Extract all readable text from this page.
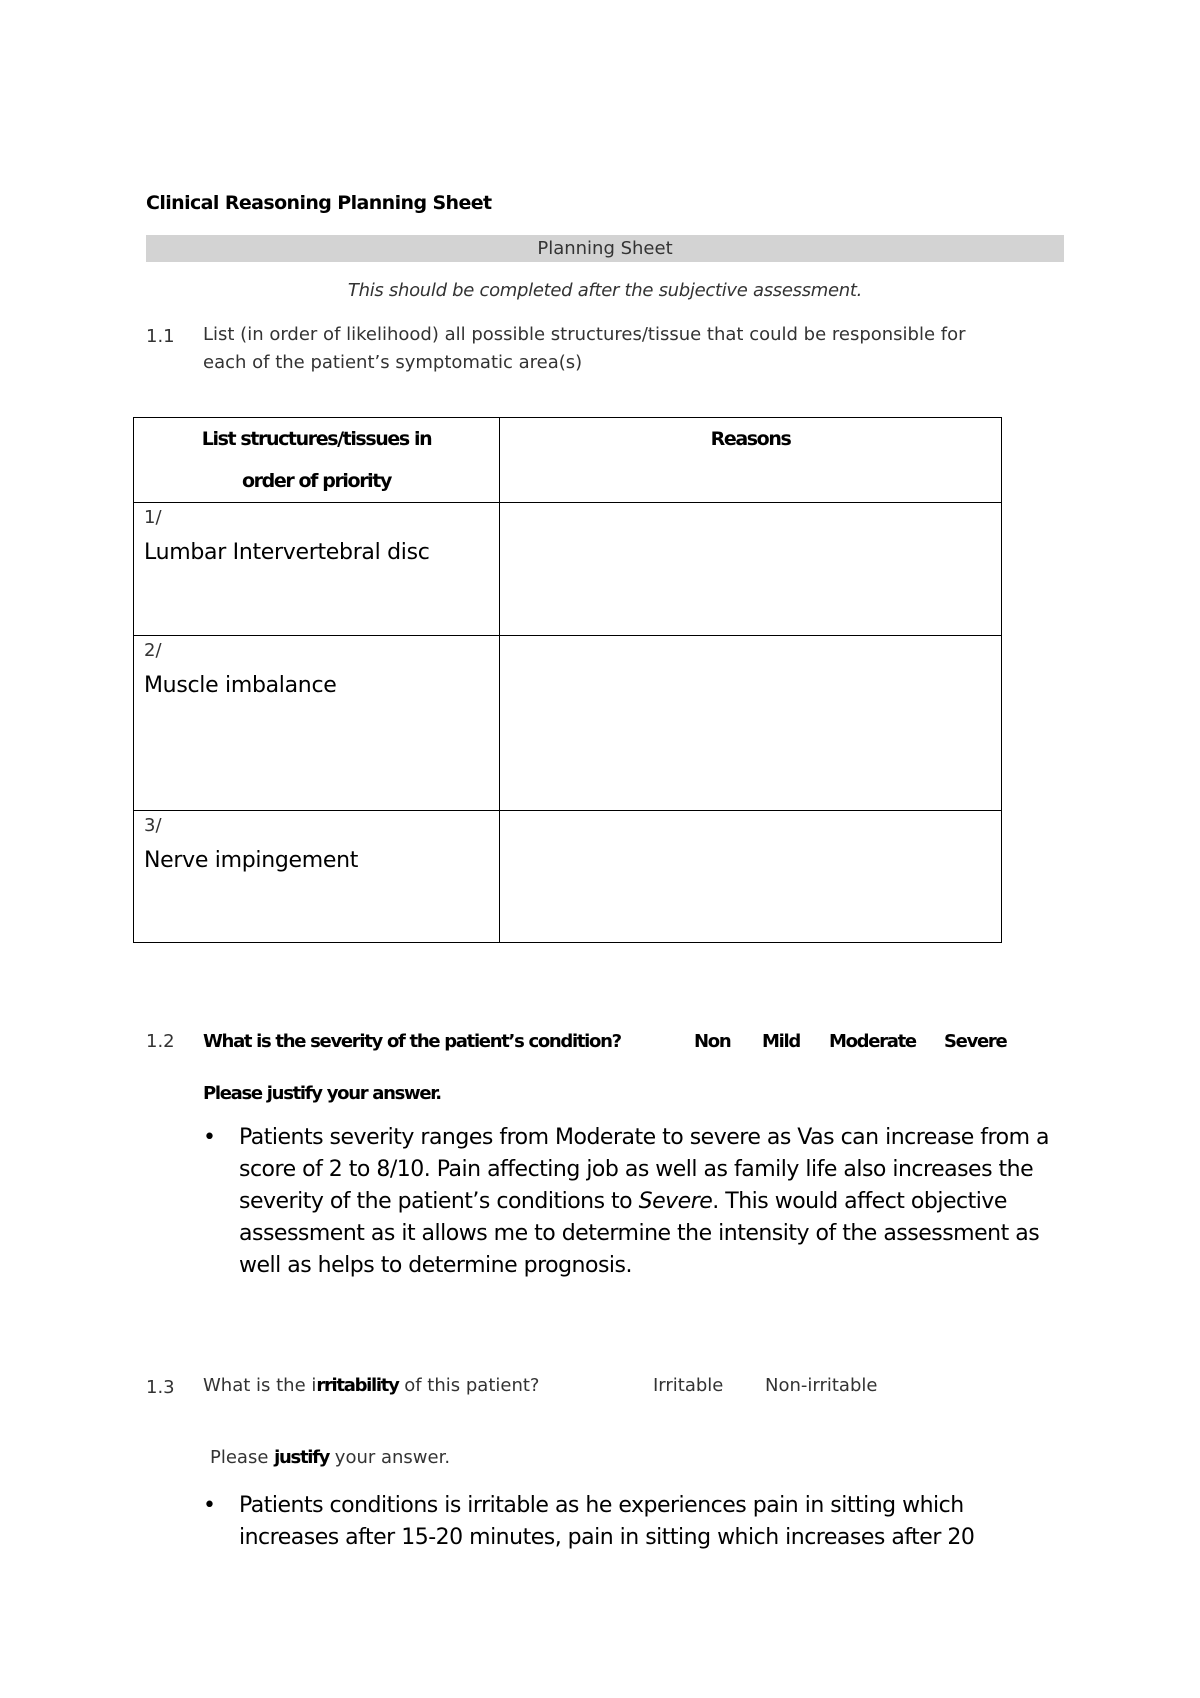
Clinical Reasoning Planning Sheet
Planning Sheet
This should be completed after the subjective assessment.
1.1 List (in order of likelihood) all possible structures/tissue that could be responsible for
each of the patient’s symptomatic area(s)
List structures/tissues in
order of priority	Reasons

1/
Lumbar Intervertebral disc	

2/
Muscle imbalance	

3/
Nerve impingement	

1.2 What is the severity of the patient’s condition?	Non Mild Moderate Severe
Please justify your answer.
• Patients severity ranges from Moderate to severe as Vas can increase from a score of 2 to 8/10. Pain affecting job as well as family life also increases the severity of the patient’s conditions to Severe. This would affect objective assessment as it allows me to determine the intensity of the assessment as well as helps to determine prognosis.
1.3 What is the irritability of this patient?	Irritable Non-irritable
Please justify your answer.
• Patients conditions is irritable as he experiences pain in sitting which
increases after 15-20 minutes, pain in sitting which increases after 20
